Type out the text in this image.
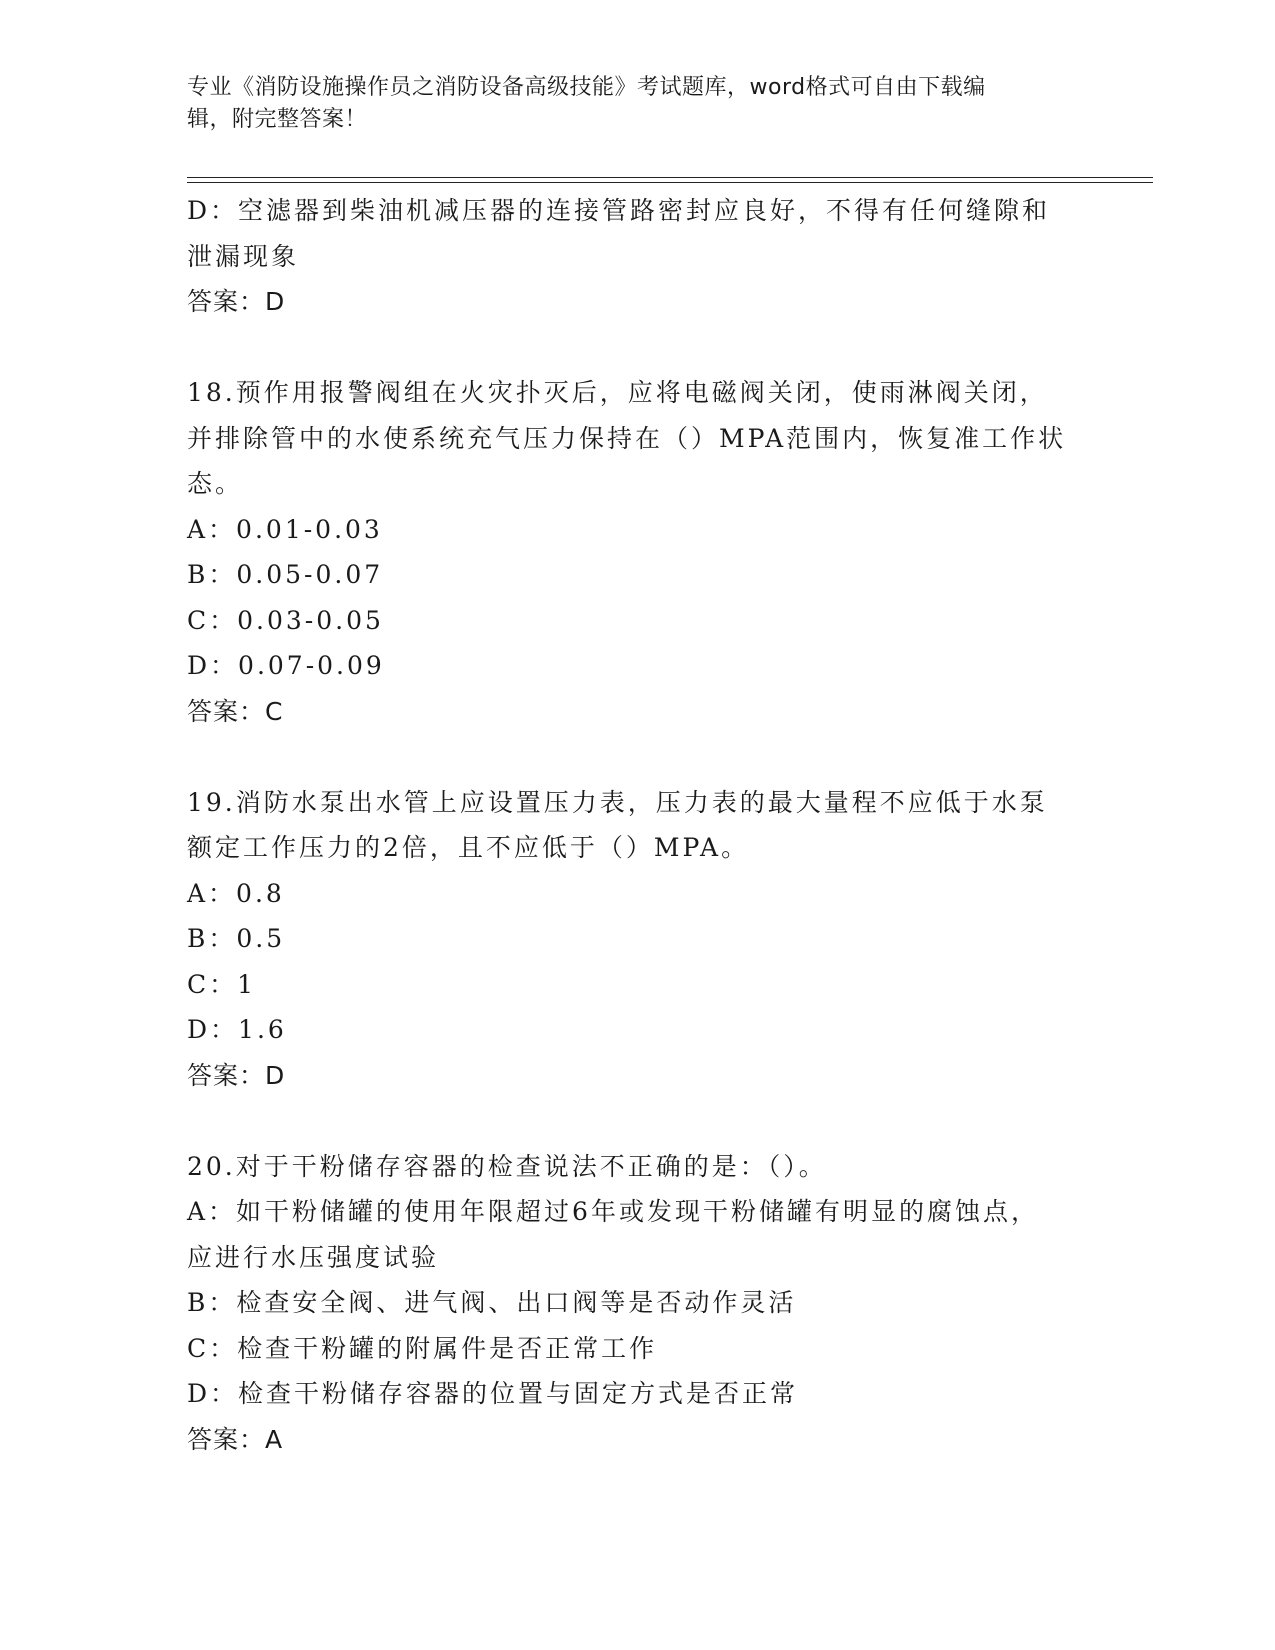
专业《消防设施操作员之消防设备高级技能》考试题库，word格式可自由下载编
辑，附完整答案！
D：空滤器到柴油机减压器的连接管路密封应良好，不得有任何缝隙和
泄漏现象
答案：D
18.预作用报警阀组在火灾扑灭后，应将电磁阀关闭，使雨淋阀关闭，
并排除管中的水使系统充气压力保持在（）MPA范围内，恢复准工作状
态。
A：0.01-0.03
B：0.05-0.07
C：0.03-0.05
D：0.07-0.09
答案：C
19.消防水泵出水管上应设置压力表，压力表的最大量程不应低于水泵
额定工作压力的2倍，且不应低于（）MPA。
A：0.8
B：0.5
C：1
D：1.6
答案：D
20.对于干粉储存容器的检查说法不正确的是：（）。
A：如干粉储罐的使用年限超过6年或发现干粉储罐有明显的腐蚀点，
应进行水压强度试验
B：检查安全阀、进气阀、出口阀等是否动作灵活
C：检查干粉罐的附属件是否正常工作
D：检查干粉储存容器的位置与固定方式是否正常
答案：A
